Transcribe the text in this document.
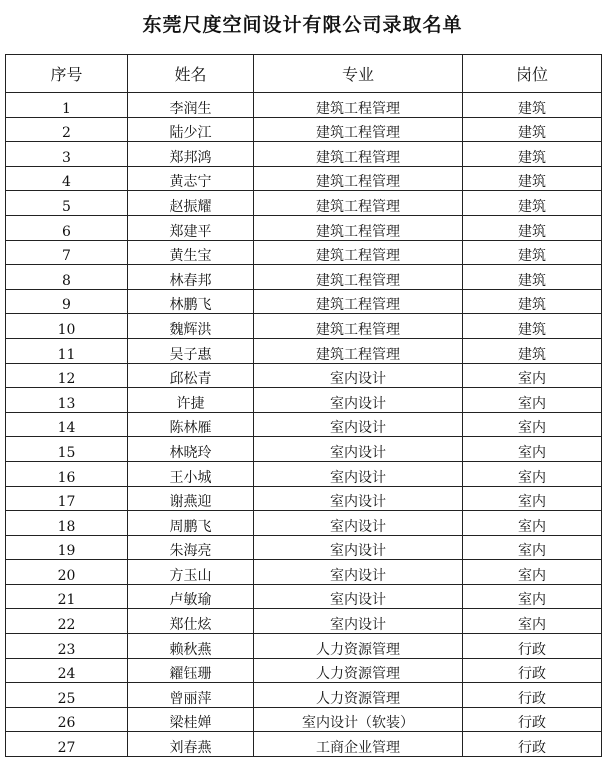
东莞尺度空间设计有限公司录取名单
序号	姓名	专业	岗位
1	李润生	建筑工程管理	建筑
2	陆少江	建筑工程管理	建筑
3	郑邦鸿	建筑工程管理	建筑
4	黄志宁	建筑工程管理	建筑
5	赵振耀	建筑工程管理	建筑
6	郑建平	建筑工程管理	建筑
7	黄生宝	建筑工程管理	建筑
8	林春邦	建筑工程管理	建筑
9	林鹏飞	建筑工程管理	建筑
10	魏辉洪	建筑工程管理	建筑
11	吴子惠	建筑工程管理	建筑
12	邱松青	室内设计	室内
13	许捷	室内设计	室内
14	陈林雁	室内设计	室内
15	林晓玲	室内设计	室内
16	王小城	室内设计	室内
17	谢燕迎	室内设计	室内
18	周鹏飞	室内设计	室内
19	朱海亮	室内设计	室内
20	方玉山	室内设计	室内
21	卢敏瑜	室内设计	室内
22	郑仕炫	室内设计	室内
23	赖秋燕	人力资源管理	行政
24	糴钰珊	人力资源管理	行政
25	曾丽萍	人力资源管理	行政
26	梁桂婵	室内设计（软装）	行政
27	刘春燕	工商企业管理	行政
